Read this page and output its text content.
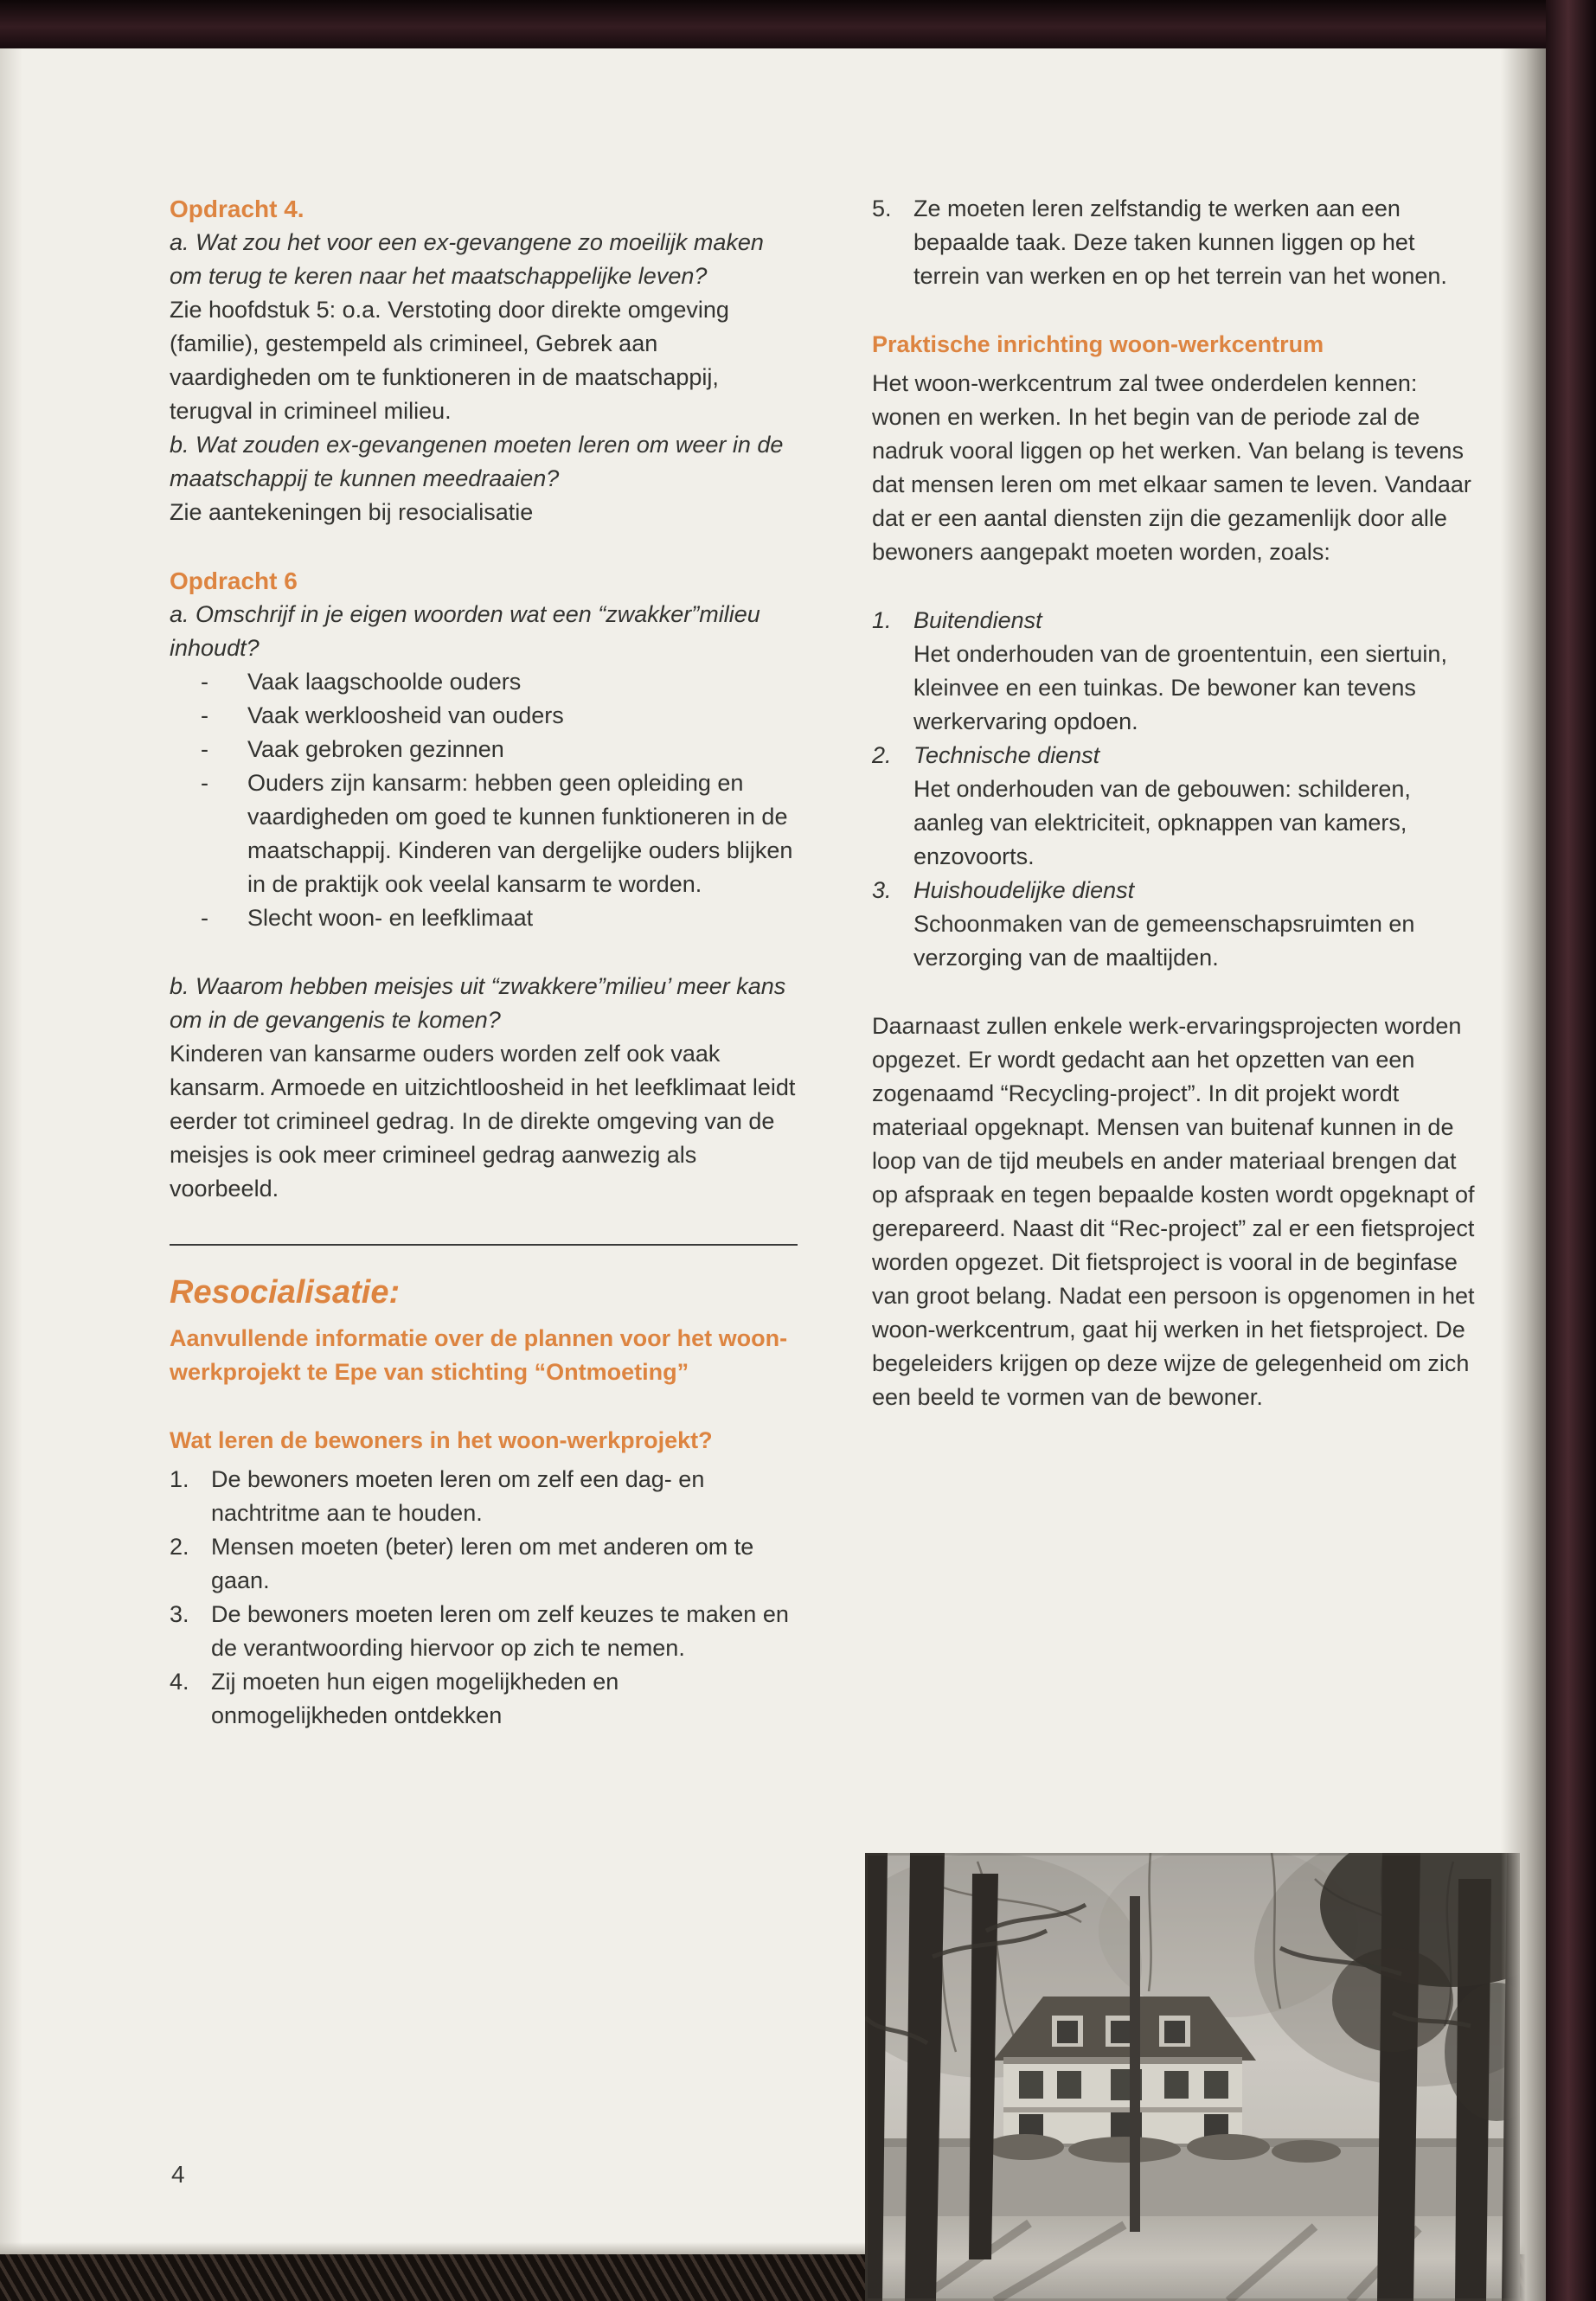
Opdracht 4.

a. Wat zou het voor een ex-gevangene zo moeilijk maken om terug te keren naar het maatschappelijke leven?

Zie hoofdstuk 5: o.a. Verstoting door direkte omgeving (familie), gestempeld als crimineel, Gebrek aan vaardigheden om te funktioneren in de maatschappij, terugval in crimineel milieu.

b. Wat zouden ex-gevangenen moeten leren om weer in de maatschappij te kunnen meedraaien?

Zie aantekeningen bij resocialisatie

Opdracht 6

a. Omschrijf in je eigen woorden wat een “zwakker”milieu inhoudt?

-	Vaak laagschoolde ouders
-	Vaak werkloosheid van ouders
-	Vaak gebroken gezinnen
-	Ouders zijn kansarm: hebben geen opleiding en vaardigheden om goed te kunnen funktioneren in de maatschappij. Kinderen van dergelijke ouders blijken in de praktijk ook veelal kansarm te worden.
-	Slecht woon- en leefklimaat

b. Waarom hebben meisjes uit “zwakkere”milieu’ meer kans om in de gevangenis te komen?

Kinderen van kansarme ouders worden zelf ook vaak kansarm. Armoede en uitzichtloosheid in het leefklimaat leidt eerder tot crimineel gedrag. In de direkte omgeving van de meisjes is ook meer crimineel gedrag aanwezig als voorbeeld.

Resocialisatie:

Aanvullende informatie over de plannen voor het woon-werkprojekt te Epe van stichting “Ontmoeting”

Wat leren de bewoners in het woon-werkprojekt?

1. De bewoners moeten leren om zelf een dag- en nachtritme aan te houden.
2. Mensen moeten (beter) leren om met anderen om te gaan.
3. De bewoners moeten leren om zelf keuzes te maken en de verantwoording hiervoor op zich te nemen.
4. Zij moeten hun eigen mogelijkheden en onmogelijkheden ontdekken
5. Ze moeten leren zelfstandig te werken aan een bepaalde taak. Deze taken kunnen liggen op het terrein van werken en op het terrein van het wonen.

Praktische inrichting woon-werkcentrum

Het woon-werkcentrum zal twee onderdelen kennen: wonen en werken. In het begin van de periode zal de nadruk vooral liggen op het werken. Van belang is tevens dat mensen leren om met elkaar samen te leven. Vandaar dat er een aantal diensten zijn die gezamenlijk door alle bewoners aangepakt moeten worden, zoals:

1. Buitendienst
Het onderhouden van de groententuin, een siertuin, kleinvee en een tuinkas. De bewoner kan tevens werkervaring opdoen.
2. Technische dienst
Het onderhouden van de gebouwen: schilderen, aanleg van elektriciteit, opknappen van kamers, enzovoorts.
3. Huishoudelijke dienst
Schoonmaken van de gemeenschapsruimten en verzorging van de maaltijden.

Daarnaast zullen enkele werk-ervaringsprojecten worden opgezet. Er wordt gedacht aan het opzetten van een zogenaamd “Recycling-project”. In dit projekt wordt materiaal opgeknapt. Mensen van buitenaf kunnen in de loop van de tijd meubels en ander materiaal brengen dat op afspraak en tegen bepaalde kosten wordt opgeknapt of gerepareerd. Naast dit “Rec-project” zal er een fietsproject worden opgezet. Dit fietsproject is vooral in de beginfase van groot belang. Nadat een persoon is opgenomen in het woon-werkcentrum, gaat hij werken in het fietsproject. De begeleiders krijgen op deze wijze de gelegenheid om zich een beeld te vormen van de bewoner.

4
